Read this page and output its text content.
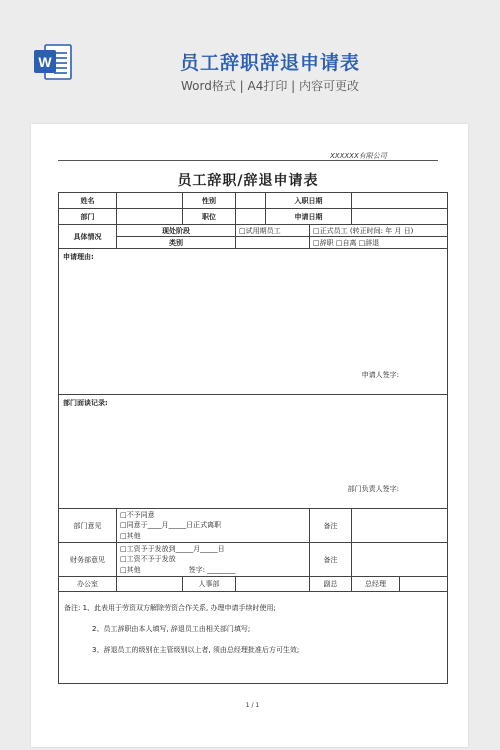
W	员工辞职辞退申请表
Word格式 | A4打印 | 内容可更改
XXXXXX有限公司
员工辞职/辞退申请表
姓名		性别		入职日期			
部门		职位		申请日期			
具体情况	现处阶段		□试用期员工		□正式员工 (转正时间: 年 月 日)		
	类别				□辞职 □自离 □辞退		

申请理由:
申请人签字:							

部门面谈记录:
部门负责人签字:							

部门意见	□不予同意
□同意于____月_____日正式离职
□其他				备注		
财务部意见	□工资予于发放到_____月_____日
□工资不予于发放
□其他 签字: ________				备注		
办公室		人事部			副总	总经理	

备注: 1、此表用于劳资双方解除劳资合作关系, 办理申请手续时使用;
2、员工辞职由本人填写, 辞退员工由相关部门填写;
3、辞退员工的级别在主管级别以上者, 须由总经理批准后方可生效;							
1 / 1
